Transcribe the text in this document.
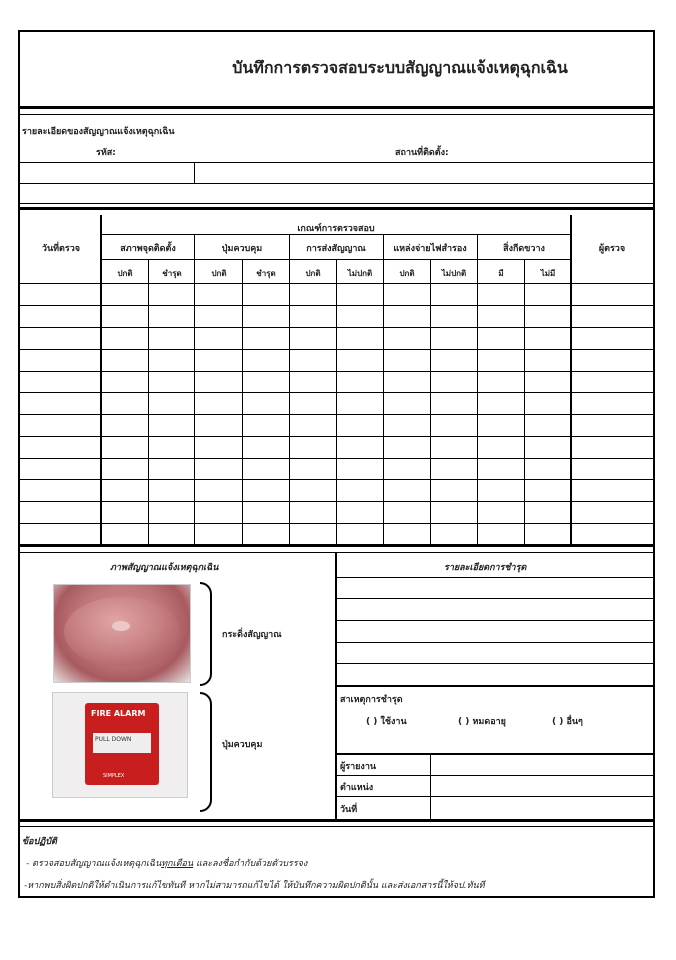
บันทึกการตรวจสอบระบบสัญญาณแจ้งเหตุฉุกเฉิน
รายละเอียดของสัญญาณแจ้งเหตุฉุกเฉิน
รหัส:	สถานที่ติดตั้ง:
วันที่ตรวจ
เกณฑ์การตรวจสอบ
ผู้ตรวจ
สภาพจุดติดตั้ง	ปุ่มควบคุม	การส่งสัญญาณ	แหล่งจ่ายไฟสำรอง	สิ่งกีดขวาง
ปกติ	ชำรุด	ปกติ	ชำรุด	ปกติ	ไม่ปกติ	ปกติ	ไม่ปกติ	มี	ไม่มี
ภาพสัญญาณแจ้งเหตุฉุกเฉิน
กระดิ่งสัญญาณ
FIRE ALARM
PULL DOWN
SIMPLEX
ปุ่มควบคุม
รายละเอียดการชำรุด
สาเหตุการชำรุด
( ) ใช้งาน	( ) หมดอายุ	( ) อื่นๆ
ผู้รายงาน
ตำแหน่ง
วันที่
ข้อปฏิบัติ
- ตรวจสอบสัญญาณแจ้งเหตุฉุกเฉินทุกเดือน และลงชื่อกำกับด้วยตัวบรรจง
-หากพบสิ่งผิดปกติให้ดำเนินการแก้ไขทันที หากไม่สามารถแก้ไขได้ ให้บันทึกความผิดปกตินั้น และส่งเอกสารนี้ให้จป.ทันที
